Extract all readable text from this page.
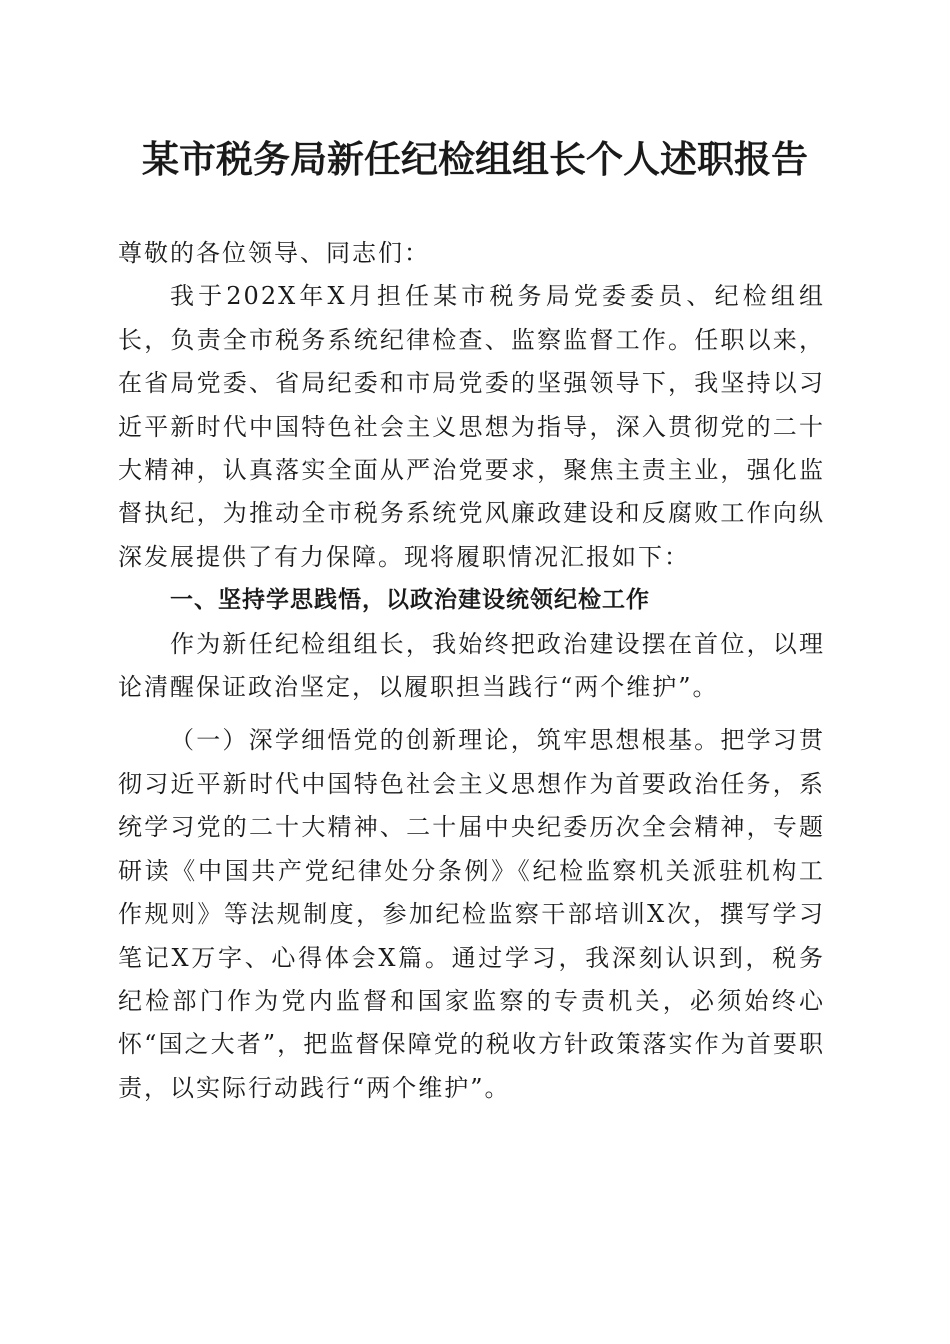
某市税务局新任纪检组组长个人述职报告

尊敬的各位领导、同志们：

我于202X年X月担任某市税务局党委委员、纪检组组长，负责全市税务系统纪律检查、监察监督工作。任职以来，在省局党委、省局纪委和市局党委的坚强领导下，我坚持以习近平新时代中国特色社会主义思想为指导，深入贯彻党的二十大精神，认真落实全面从严治党要求，聚焦主责主业，强化监督执纪，为推动全市税务系统党风廉政建设和反腐败工作向纵深发展提供了有力保障。现将履职情况汇报如下：

一、坚持学思践悟，以政治建设统领纪检工作

作为新任纪检组组长，我始终把政治建设摆在首位，以理论清醒保证政治坚定，以履职担当践行“两个维护”。

（一）深学细悟党的创新理论，筑牢思想根基。把学习贯彻习近平新时代中国特色社会主义思想作为首要政治任务，系统学习党的二十大精神、二十届中央纪委历次全会精神，专题研读《中国共产党纪律处分条例》《纪检监察机关派驻机构工作规则》等法规制度，参加纪检监察干部培训X次，撰写学习笔记X万字、心得体会X篇。通过学习，我深刻认识到，税务纪检部门作为党内监督和国家监察的专责机关，必须始终心怀“国之大者”，把监督保障党的税收方针政策落实作为首要职责，以实际行动践行“两个维护”。
